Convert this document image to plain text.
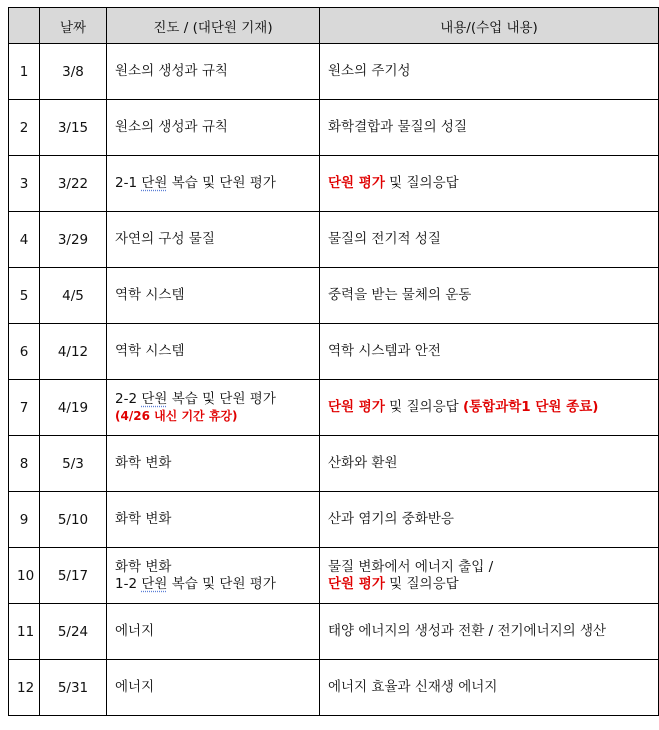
	날짜	진도 / (대단원 기재)	내용/(수업 내용)
1	3/8	원소의 생성과 규칙	원소의 주기성

2	3/15	원소의 생성과 규칙	화학결합과 물질의 성질

3	3/22	2-1 단원 복습 및 단원 평가	단원 평가 및 질의응답

4	3/29	자연의 구성 물질	물질의 전기적 성질

5	4/5	역학 시스템	중력을 받는 물체의 운동

6	4/12	역학 시스템	역학 시스템과 안전

7	4/19	2-2 단원 복습 및 단원 평가
(4/26 내신 기간 휴강)	단원 평가 및 질의응답 (통합과학1 단원 종료)

8	5/3	화학 변화	산화와 환원

9	5/10	화학 변화	산과 염기의 중화반응

10	5/17	화학 변화
1-2 단원 복습 및 단원 평가	물질 변화에서 에너지 출입 /
단원 평가 및 질의응답

11	5/24	에너지	태양 에너지의 생성과 전환 / 전기에너지의 생산

12	5/31	에너지	에너지 효율과 신재생 에너지
